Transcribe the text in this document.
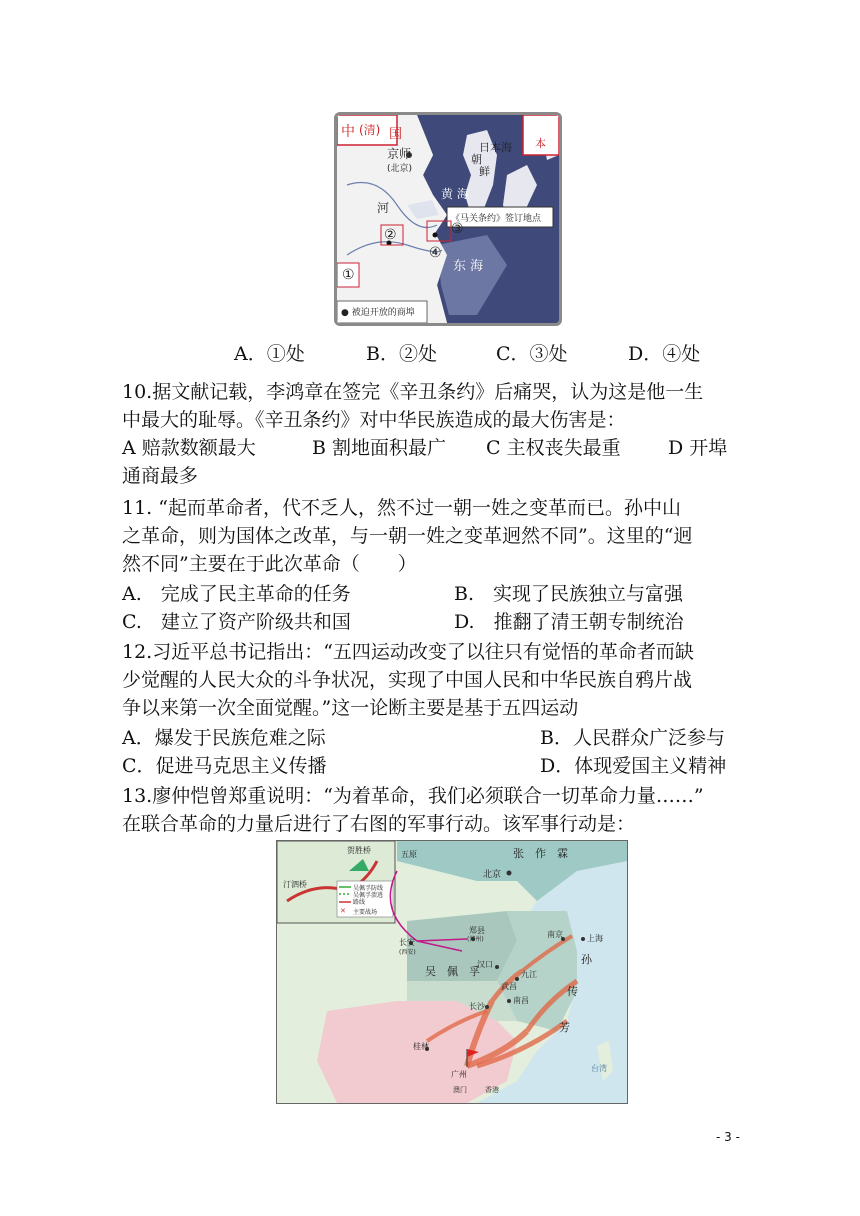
中 (清) 国
京师
(北京)
日本海 本
鲜
朝
黄 海
河
东 海
《马关条约》签订地点
①
②	③
④
● 被迫开放的商埠
A．①处	B．②处	C．③处	D．④处
10.据文献记载，李鸿章在签完《辛丑条约》后痛哭，认为这是他一生
中最大的耻辱。《辛丑条约》对中华民族造成的最大伤害是：
A 赔款数额最大	B 割地面积最广 C 主权丧失最重 D 开埠
通商最多
11. “起而革命者，代不乏人，然不过一朝一姓之变革而已。孙中山
之革命，则为国体之改革，与一朝一姓之变革迥然不同”。这里的“迥
然不同”主要在于此次革命（　　）
A.　完成了民主革命的任务	B.　实现了民族独立与富强
C.　建立了资产阶级共和国	D.　推翻了清王朝专制统治
12.习近平总书记指出：“五四运动改变了以往只有觉悟的革命者而缺
少觉醒的人民大众的斗争状况，实现了中国人民和中华民族自鸦片战
争以来第一次全面觉醒。”这一论断主要是基于五四运动
A．爆发于民族危难之际	B．人民群众广泛参与
C．促进马克思主义传播	D．体现爱国主义精神
13.廖仲恺曾郑重说明：“为着革命，我们必须联合一切革命力量……”
在联合革命的力量后进行了右图的军事行动。该军事行动是：
✕
贺胜桥
汀泗桥	吴佩孚防线
吴佩孚溃逃
路线
主要战场
张　作　霖
五原
北京
吴　佩　孚
孙
传
芳
南京	上海
汉口
武昌
九江
长沙
南昌
桂林
广州
澳门	香港
郑县
(郑州)
长安
(西安)
台湾
- 3 -
